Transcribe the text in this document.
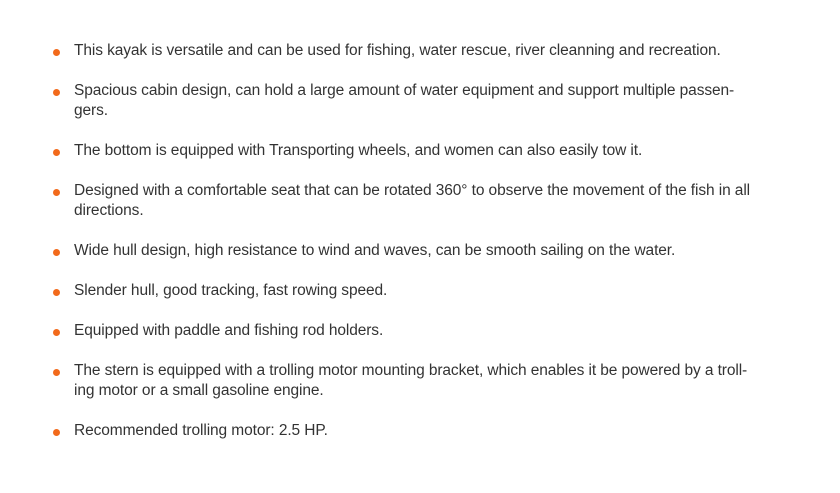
This kayak is versatile and can be used for fishing, water rescue, river cleanning and recreation.
Spacious cabin design, can hold a large amount of water equipment and support multiple passen-
gers.
The bottom is equipped with Transporting wheels, and women can also easily tow it.
Designed with a comfortable seat that can be rotated 360° to observe the movement of the fish in all
directions.
Wide hull design, high resistance to wind and waves, can be smooth sailing on the water.
Slender hull, good tracking, fast rowing speed.
Equipped with paddle and fishing rod holders.
The stern is equipped with a trolling motor mounting bracket, which enables it be powered by a troll-
ing motor or a small gasoline engine.
Recommended trolling motor: 2.5 HP.
